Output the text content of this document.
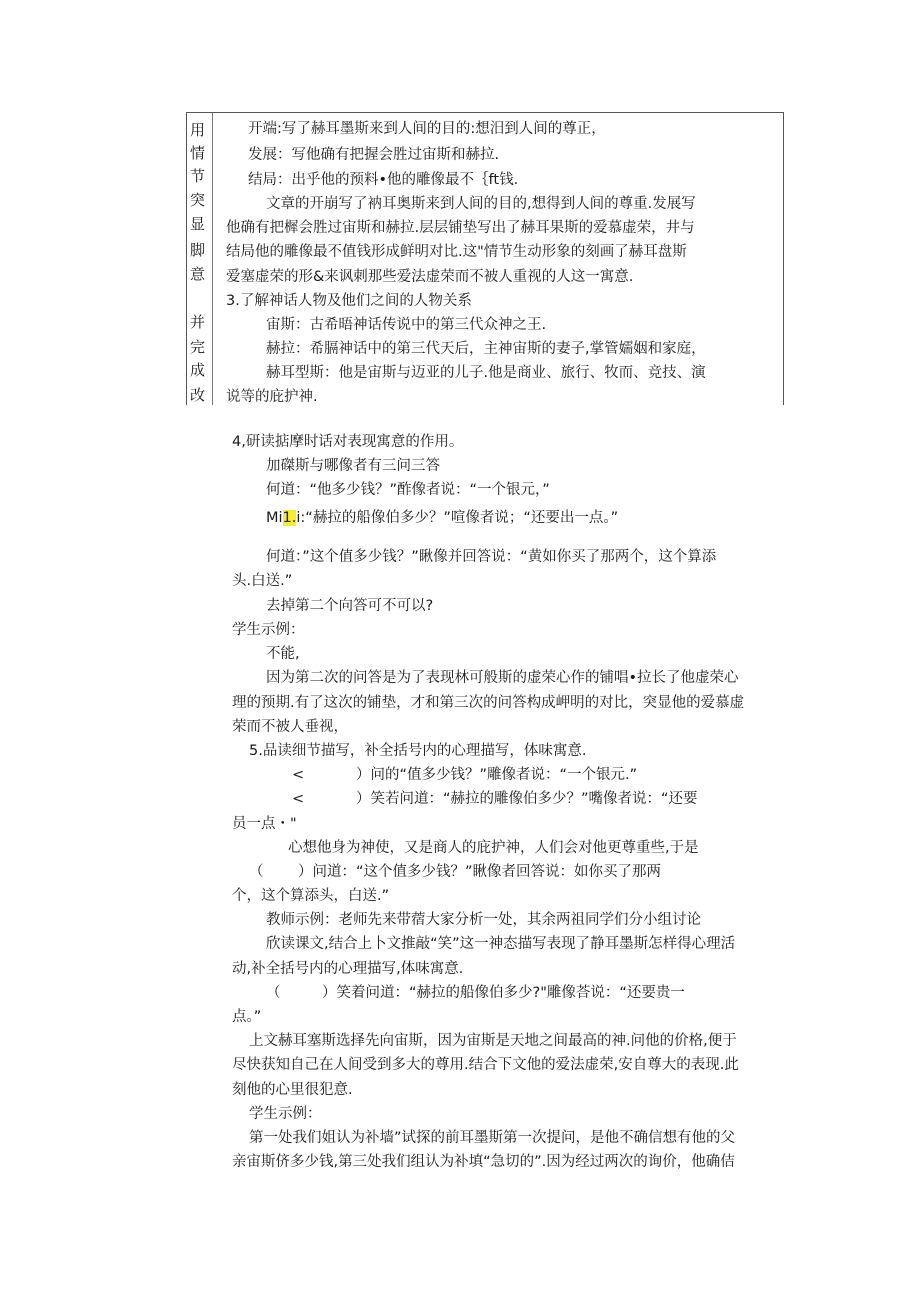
用
情
节
突
显
脚
意
并
完
成
改
开端:写了赫耳墨斯来到人间的目的:想汨到人间的尊正，
发展：写他确有把握会胜过宙斯和赫拉.
结局：出乎他的预料•他的雕像最不｛ft钱.
文章的开崩写了衲耳奥斯来到人间的目的,想得到人间的尊重.发展写
他确有把樨会胜过宙斯和赫拉.层层铺垫写出了赫耳果斯的爱慕虚荣，井与
结局他的雕像最不值钱形成鲜明对比.这"情节生动形象的刻画了赫耳盘斯
爱塞虚荣的形&来讽刺那些爱法虚荣而不被人重视的人这一寓意.
3.了解神话人物及他们之间的人物关系
宙斯：古希晤神话传说中的第三代众神之王.
赫拉：希膈神话中的第三代天后，主神宙斯的妻子,掌管嬬姻和家庭，
赫耳型斯：他是宙斯与迈亚的儿子.他是商业、旅行、牧而、竞技、演
说等的庇护神.
4,研读掂摩时话对表现寓意的作用。
加磔斯与哪像者有三问三答
何道：“他多少钱？”酢像者说：“一个银元，”
Mi1.i:“赫拉的船像伯多少？”喧像者说；“还要出一点。”
何道：”这个值多少钱？”瞅像并回答说：“黄如你买了那两个，这个算添
头.白送.”
去掉第二个向答可不可以?
学生示例：
不能,
因为第二次的问答是为了表现林可般斯的虚荣心作的铺唱•拉长了他虚荣心
理的预期.有了这次的铺垫，才和第三次的问答构成岬明的对比，突显他的爱慕虚
荣而不被人垂视，
5.品读细节描写，补全括号内的心理描写，体味寓意.
<	）问的“值多少钱？”雕像者说：“一个银元.”
<	）笑若问道：“赫拉的雕像伯多少？”嘴像者说：“还要
员一点・"
心想他身为神使，又是商人的庇护神，人们会对他更尊重些,于是
（ ）问道：“这个值多少钱？”瞅像者回答说：如你买了那两
个，这个算添头，白送.”
教师示例：老师先来带蓿大家分析一处，其余两祖同学们分小组讨论
欣读课文,结合上卜文推敲“笑”这一神态描写表现了静耳墨斯怎样得心理活
动,补全括号内的心理描写,体味寓意.
（	）笑着问道：“赫拉的船像伯多少?"雕像荅说：“还要贵一
点。”
上文赫耳塞斯选择先向宙斯，因为宙斯是天地之间最高的神.问他的价格,便于
尽快获知自己在人间受到多大的尊用.结合下文他的爱法虚荣,安自尊大的表现.此
刻他的心里很犯意.
学生示例：
第一处我们姐认为补墙”试探的前耳墨斯第一次提问，是他不确信想有他的父
亲宙斯侪多少钱,第三处我们组认为补填“急切的”.因为经过两次的询价，他确佶
